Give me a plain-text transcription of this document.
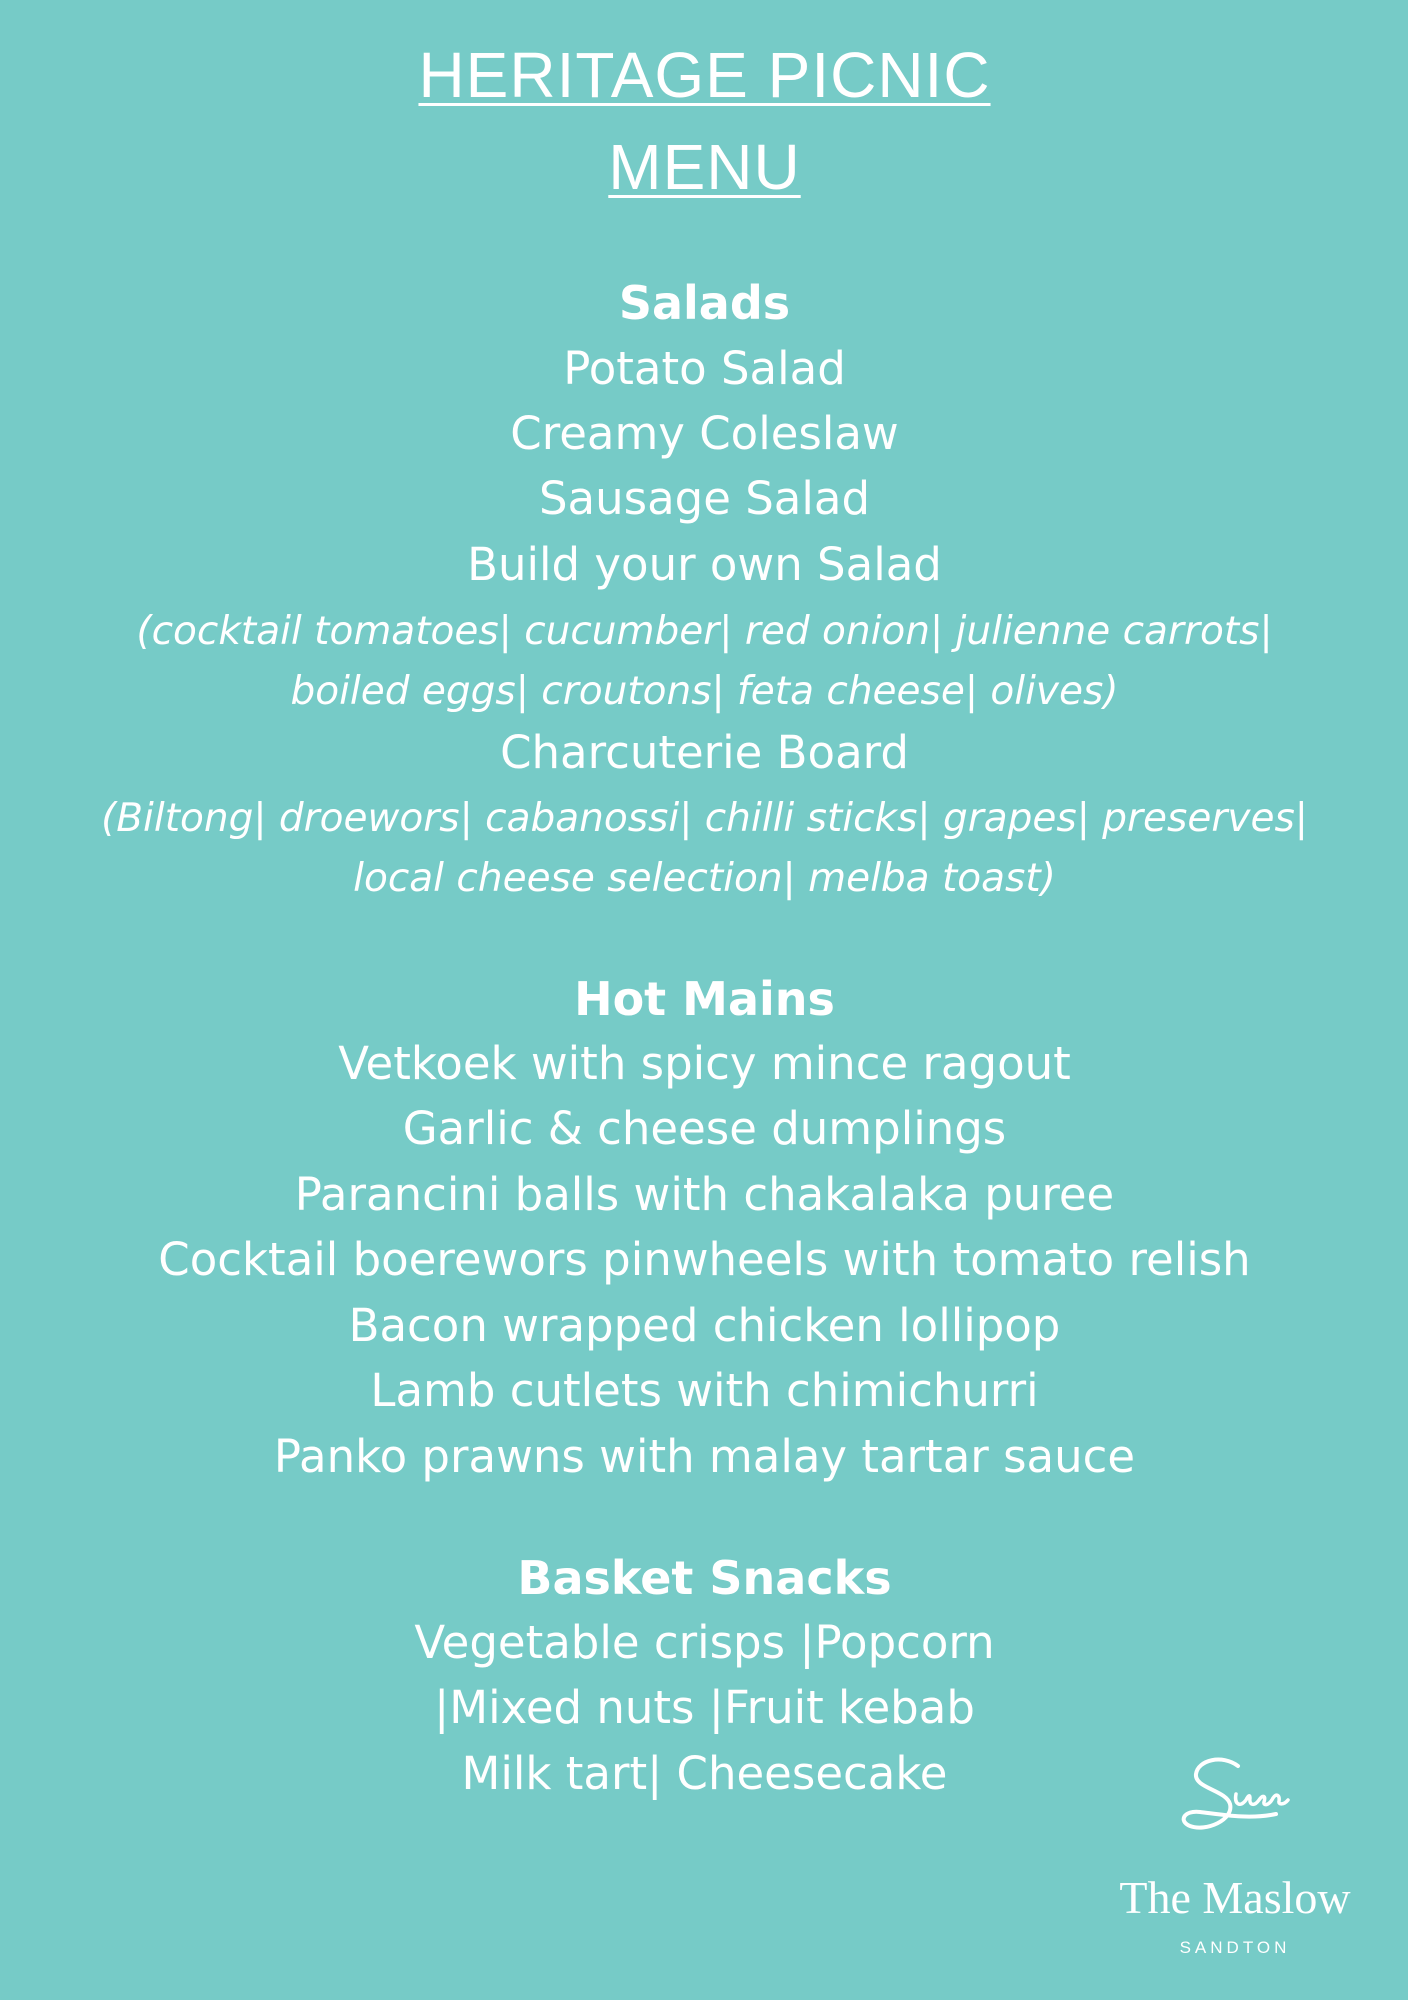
HERITAGE PICNIC
MENU
Salads
Potato Salad
Creamy Coleslaw
Sausage Salad
Build your own Salad
(cocktail tomatoes| cucumber| red onion| julienne carrots|
boiled eggs| croutons| feta cheese| olives)
Charcuterie Board
(Biltong| droewors| cabanossi| chilli sticks| grapes| preserves|
local cheese selection| melba toast)
Hot Mains
Vetkoek with spicy mince ragout
Garlic & cheese dumplings
Parancini balls with chakalaka puree
Cocktail boerewors pinwheels with tomato relish
Bacon wrapped chicken lollipop
Lamb cutlets with chimichurri
Panko prawns with malay tartar sauce
Basket Snacks
Vegetable crisps |Popcorn
|Mixed nuts |Fruit kebab
Milk tart| Cheesecake
The Maslow
SANDTON
